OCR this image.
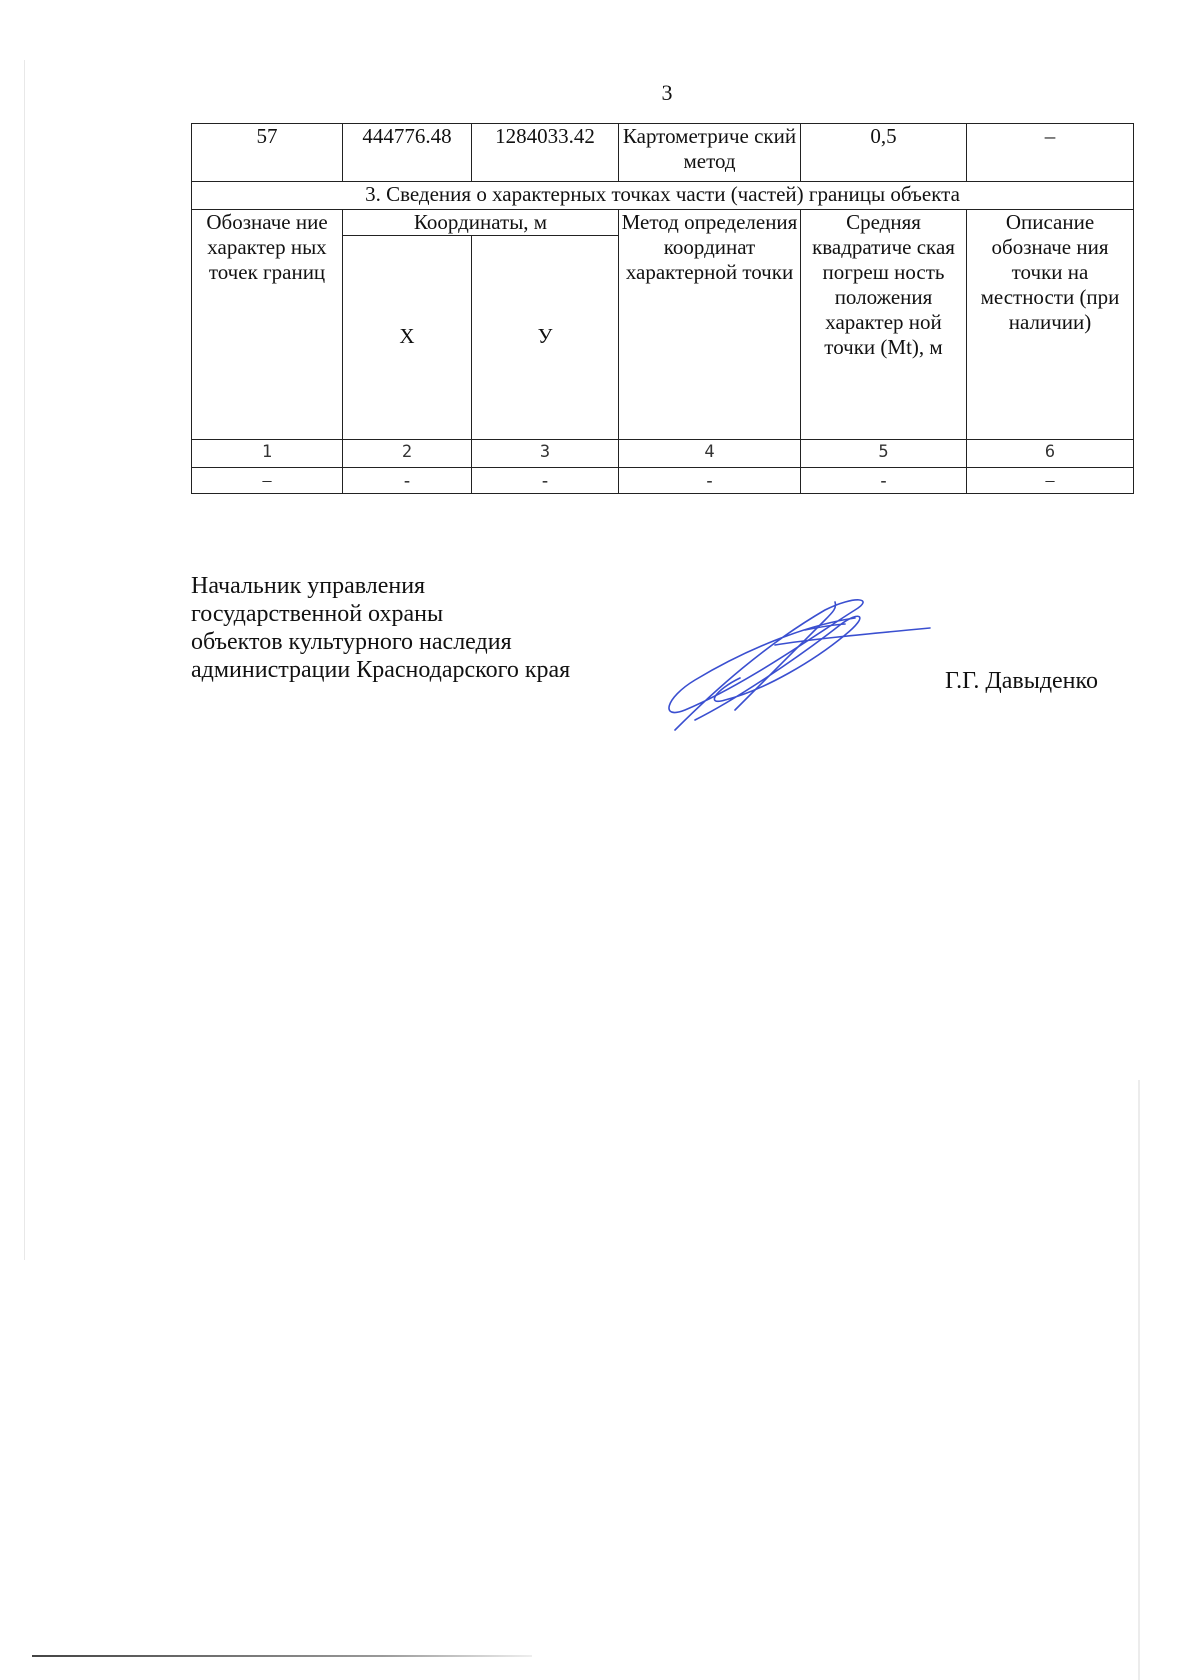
3
57	444776.48	1284033.42	Картометриче ский метод	0,5	–
3. Сведения о характерных точках части (частей) границы объекта					
Обозначе ние характер ных точек границ	Координаты, м		Метод определения координат характерной точки	Средняя квадратиче ская погреш ность положения характер ной точки (Mt), м	Описание обозначе ния точки на местности (при наличии)

	Х	У			

1	2	3	4	5	6
–	-	-	-	-	–
Начальник управления
государственной охраны
объектов культурного наследия
администрации Краснодарского края	Г.Г. Давыденко
